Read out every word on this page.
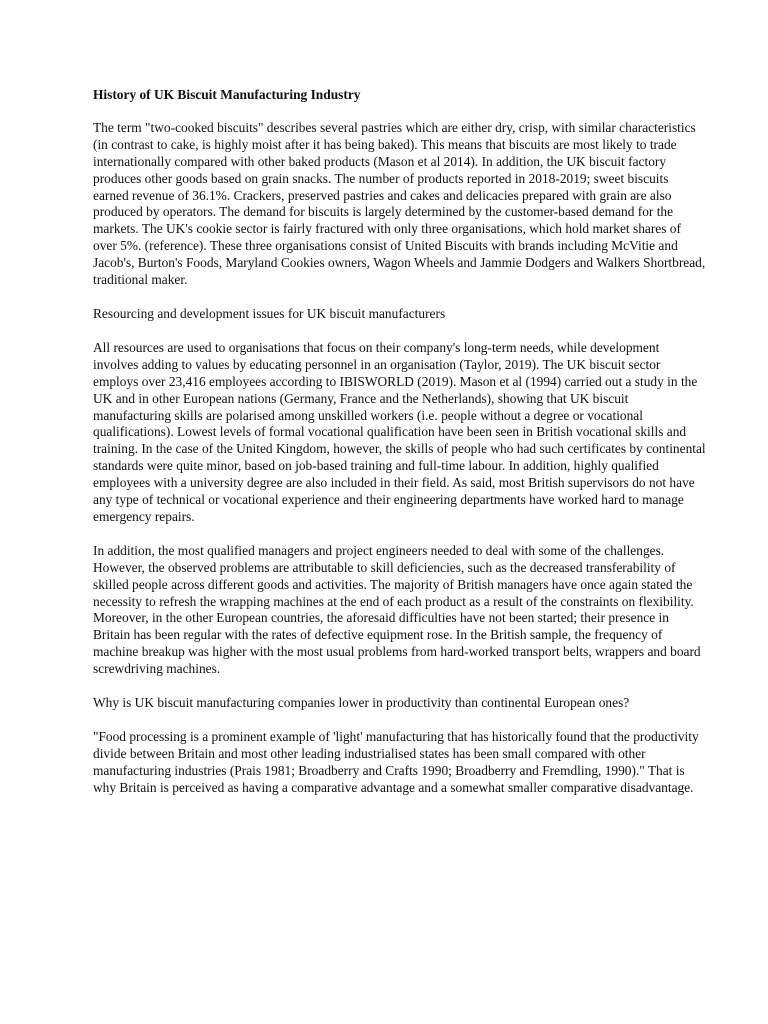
History of UK Biscuit Manufacturing Industry

The term "two-cooked biscuits" describes several pastries which are either dry, crisp, with similar characteristics (in contrast to cake, is highly moist after it has being baked). This means that biscuits are most likely to trade internationally compared with other baked products (Mason et al 2014). In addition, the UK biscuit factory produces other goods based on grain snacks. The number of products reported in 2018-2019; sweet biscuits earned revenue of 36.1%. Crackers, preserved pastries and cakes and delicacies prepared with grain are also produced by operators. The demand for biscuits is largely determined by the customer-based demand for the markets. The UK's cookie sector is fairly fractured with only three organisations, which hold market shares of over 5%. (reference). These three organisations consist of United Biscuits with brands including McVitie and Jacob's, Burton's Foods, Maryland Cookies owners, Wagon Wheels and Jammie Dodgers and Walkers Shortbread, traditional maker.

Resourcing and development issues for UK biscuit manufacturers

All resources are used to organisations that focus on their company's long-term needs, while development involves adding to values by educating personnel in an organisation (Taylor, 2019). The UK biscuit sector employs over 23,416 employees according to IBISWORLD (2019). Mason et al (1994) carried out a study in the UK and in other European nations (Germany, France and the Netherlands), showing that UK biscuit manufacturing skills are polarised among unskilled workers (i.e. people without a degree or vocational qualifications). Lowest levels of formal vocational qualification have been seen in British vocational skills and training. In the case of the United Kingdom, however, the skills of people who had such certificates by continental standards were quite minor, based on job-based training and full-time labour. In addition, highly qualified employees with a university degree are also included in their field. As said, most British supervisors do not have any type of technical or vocational experience and their engineering departments have worked hard to manage emergency repairs.

In addition, the most qualified managers and project engineers needed to deal with some of the challenges. However, the observed problems are attributable to skill deficiencies, such as the decreased transferability of skilled people across different goods and activities. The majority of British managers have once again stated the necessity to refresh the wrapping machines at the end of each product as a result of the constraints on flexibility. Moreover, in the other European countries, the aforesaid difficulties have not been started; their presence in Britain has been regular with the rates of defective equipment rose. In the British sample, the frequency of machine breakup was higher with the most usual problems from hard-worked transport belts, wrappers and board screwdriving machines.

Why is UK biscuit manufacturing companies lower in productivity than continental European ones?

"Food processing is a prominent example of 'light' manufacturing that has historically found that the productivity divide between Britain and most other leading industrialised states has been small compared with other manufacturing industries (Prais 1981; Broadberry and Crafts 1990; Broadberry and Fremdling, 1990)." That is why Britain is perceived as having a comparative advantage and a somewhat smaller comparative disadvantage.
